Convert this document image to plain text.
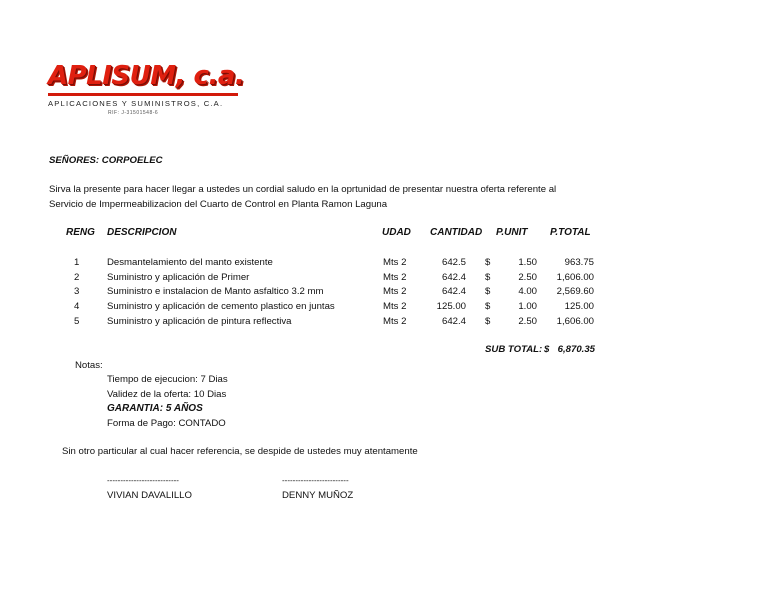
APLISUM, c.a.
APLICACIONES Y SUMINISTROS, C.A.
RIF: J-31501548-6
SEÑORES: CORPOELEC
Sirva la presente para hacer llegar a ustedes un cordial saludo en la oprtunidad de presentar nuestra oferta referente al
Servicio de Impermeabilizacion del Cuarto de Control en Planta Ramon Laguna
RENG DESCRIPCION	UDAD CANTIDAD P.UNIT P.TOTAL
1	Desmantelamiento del manto existente	Mts 2	642.5 $	1.50	963.75
2	Suministro y aplicación de Primer	Mts 2	642.4 $	2.50	1,606.00
3	Suministro e instalacion de Manto asfaltico 3.2 mm	Mts 2	642.4 $	4.00	2,569.60
4	Suministro y aplicación de cemento plastico en juntas	Mts 2	125.00 $	1.00	125.00
5	Suministro y aplicación de pintura reflectiva	Mts 2	642.4 $	2.50	1,606.00
SUB TOTAL: $ 6,870.35
Notas:
Tiempo de ejecucion: 7 Dias
Validez de la oferta: 10 Dias
GARANTIA: 5 AÑOS
Forma de Pago: CONTADO
Sin otro particular al cual hacer referencia, se despide de ustedes muy atentamente
---------------------------
VIVIAN DAVALILLO
-------------------------
DENNY MUÑOZ
